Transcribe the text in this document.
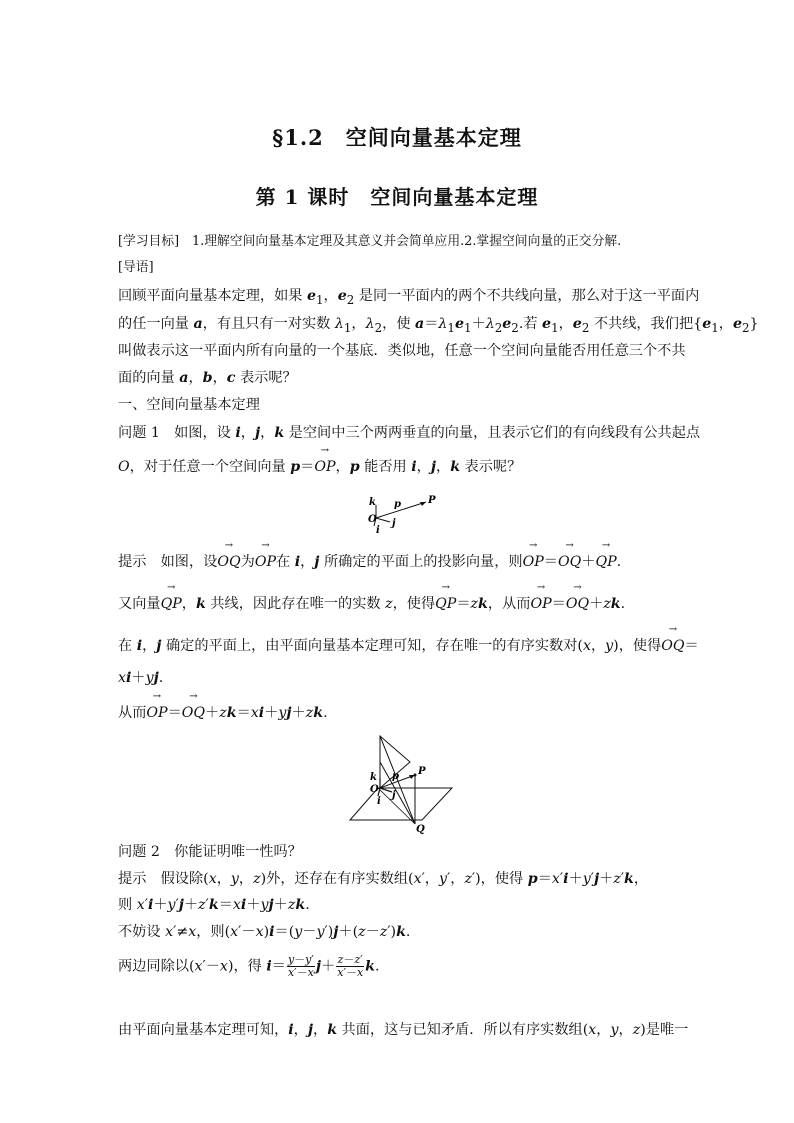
§1.2　空间向量基本定理
第 1 课时　空间向量基本定理
[学习目标]　 1.理解空间向量基本定理及其意义并会简单应用.2.掌握空间向量的正交分解.
[导语]
回顾平面向量基本定理，如果 $e_1$，$e_2$ 是同一平面内的两个不共线向量，那么对于这一平面内
的任一向量 a，有且只有一对实数 $\lambda_1$，$\lambda_2$，使 $a=\lambda_1e_1+\lambda_2e_2$.若 $e_1$，$e_2$ 不共线，我们把{$e_1$，$e_2$}
叫做表示这一平面内所有向量的一个基底．类似地，任意一个空间向量能否用任意三个不共
面的向量 a，b，c 表示呢？
一、空间向量基本定理
问题 1　如图，设 i，j，k 是空间中三个两两垂直的向量，且表示它们的有向线段有公共起点
O，对于任意一个空间向量 p＝→ OP，p 能否用 i，j，k 表示呢？
k p	P
O
i
j
提示　如图，设→ OQ为→ OP在 i，j 所确定的平面上的投影向量，则→ OP＝→ OQ＋→ QP.
又向量→ QP，k 共线，因此存在唯一的实数 z，使得→ QP＝zk，从而→ OP＝→ OQ＋zk.
在 i，j 确定的平面上，由平面向量基本定理可知，存在唯一的有序实数对(x，y)，使得→ OQ＝
xi＋yj.
从而→ OP＝→ OQ＋zk＝xi＋yj＋zk.
k p P
O
i
j
Q
问题 2　 你能证明唯一性吗？
提示　假设除(x，y，z)外，还存在有序实数组(x′，y′，z′)，使得 p＝x′i＋y′j＋z′k，
则 x′i＋y′j＋z′k＝xi＋yj＋zk.
不妨设 x′≠x，则(x′－x)i＝(y－y′)j＋(z－z′)k.
两边同除以(x′－x)，得 $i= \frac{y-y'}{x'-x} j+ \frac{z-z'}{x'-x} k$.
由平面向量基本定理可知，i，j，k 共面，这与已知矛盾．所以有序实数组(x，y，z)是唯一
